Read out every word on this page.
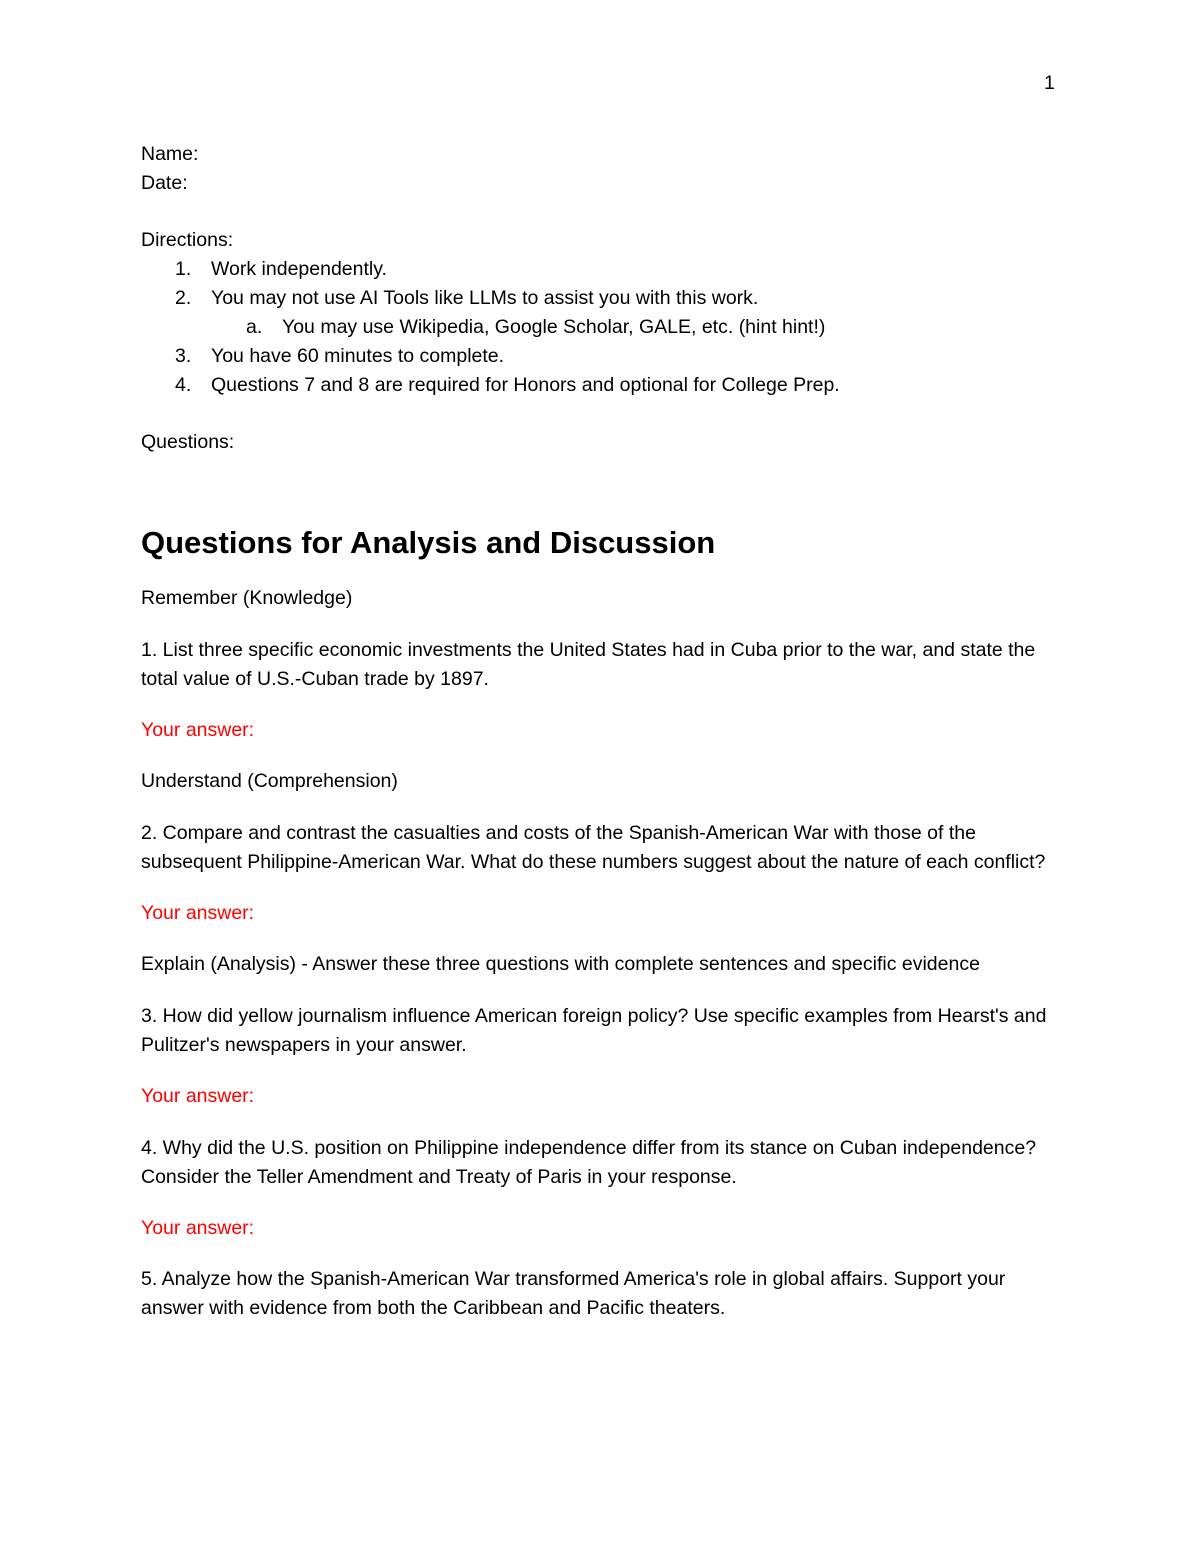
1

Name:

Date:

Directions:

1. Work independently.
2. You may not use AI Tools like LLMs to assist you with this work.
a. You may use Wikipedia, Google Scholar, GALE, etc. (hint hint!)
3. You have 60 minutes to complete.
4. Questions 7 and 8 are required for Honors and optional for College Prep.

Questions:

Questions for Analysis and Discussion

Remember (Knowledge)

1. List three specific economic investments the United States had in Cuba prior to the war, and state the total value of U.S.-Cuban trade by 1897.

Your answer:

Understand (Comprehension)

2. Compare and contrast the casualties and costs of the Spanish-American War with those of the subsequent Philippine-American War. What do these numbers suggest about the nature of each conflict?

Your answer:

Explain (Analysis) - Answer these three questions with complete sentences and specific evidence

3. How did yellow journalism influence American foreign policy? Use specific examples from Hearst's and Pulitzer's newspapers in your answer.

Your answer:

4. Why did the U.S. position on Philippine independence differ from its stance on Cuban independence? Consider the Teller Amendment and Treaty of Paris in your response.

Your answer:

5. Analyze how the Spanish-American War transformed America's role in global affairs. Support your answer with evidence from both the Caribbean and Pacific theaters.
